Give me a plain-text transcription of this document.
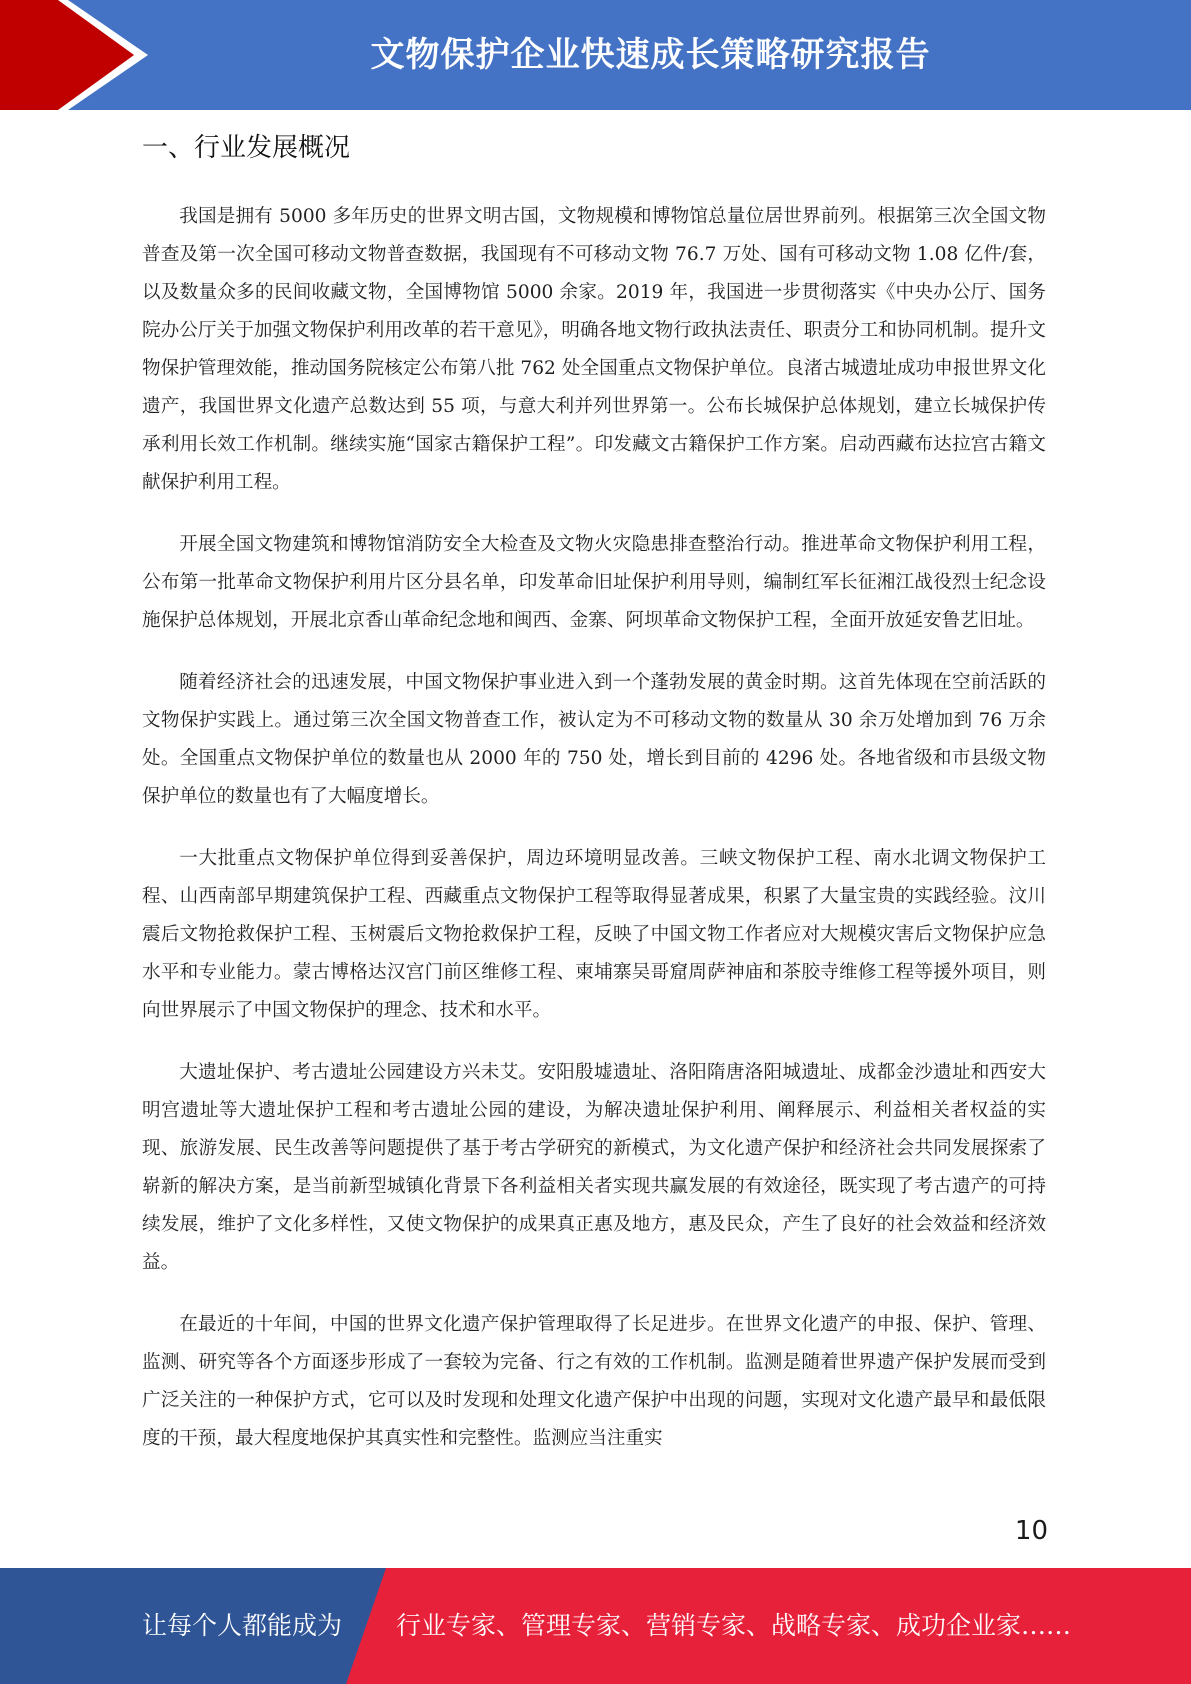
文物保护企业快速成长策略研究报告
一、行业发展概况

我国是拥有 5000 多年历史的世界文明古国，文物规模和博物馆总量位居世界前列。根据第三次全国文物普查及第一次全国可移动文物普查数据，我国现有不可移动文物 76.7 万处、国有可移动文物 1.08 亿件/套，以及数量众多的民间收藏文物，全国博物馆 5000 余家。2019 年，我国进一步贯彻落实《中央办公厅、国务院办公厅关于加强文物保护利用改革的若干意见》，明确各地文物行政执法责任、职责分工和协同机制。提升文物保护管理效能，推动国务院核定公布第八批 762 处全国重点文物保护单位。良渚古城遗址成功申报世界文化遗产，我国世界文化遗产总数达到 55 项，与意大利并列世界第一。公布长城保护总体规划，建立长城保护传承利用长效工作机制。继续实施“国家古籍保护工程”。印发藏文古籍保护工作方案。启动西藏布达拉宫古籍文献保护利用工程。

开展全国文物建筑和博物馆消防安全大检查及文物火灾隐患排查整治行动。推进革命文物保护利用工程，公布第一批革命文物保护利用片区分县名单，印发革命旧址保护利用导则，编制红军长征湘江战役烈士纪念设施保护总体规划，开展北京香山革命纪念地和闽西、金寨、阿坝革命文物保护工程，全面开放延安鲁艺旧址。

随着经济社会的迅速发展，中国文物保护事业进入到一个蓬勃发展的黄金时期。这首先体现在空前活跃的文物保护实践上。通过第三次全国文物普查工作，被认定为不可移动文物的数量从 30 余万处增加到 76 万余处。全国重点文物保护单位的数量也从 2000 年的 750 处，增长到目前的 4296 处。各地省级和市县级文物保护单位的数量也有了大幅度增长。

一大批重点文物保护单位得到妥善保护，周边环境明显改善。三峡文物保护工程、南水北调文物保护工程、山西南部早期建筑保护工程、西藏重点文物保护工程等取得显著成果，积累了大量宝贵的实践经验。汶川震后文物抢救保护工程、玉树震后文物抢救保护工程，反映了中国文物工作者应对大规模灾害后文物保护应急水平和专业能力。蒙古博格达汉宫门前区维修工程、柬埔寨吴哥窟周萨神庙和茶胶寺维修工程等援外项目，则向世界展示了中国文物保护的理念、技术和水平。

大遗址保护、考古遗址公园建设方兴未艾。安阳殷墟遗址、洛阳隋唐洛阳城遗址、成都金沙遗址和西安大明宫遗址等大遗址保护工程和考古遗址公园的建设，为解决遗址保护利用、阐释展示、利益相关者权益的实现、旅游发展、民生改善等问题提供了基于考古学研究的新模式，为文化遗产保护和经济社会共同发展探索了崭新的解决方案，是当前新型城镇化背景下各利益相关者实现共赢发展的有效途径，既实现了考古遗产的可持续发展，维护了文化多样性，又使文物保护的成果真正惠及地方，惠及民众，产生了良好的社会效益和经济效益。

在最近的十年间，中国的世界文化遗产保护管理取得了长足进步。在世界文化遗产的申报、保护、管理、监测、研究等各个方面逐步形成了一套较为完备、行之有效的工作机制。监测是随着世界遗产保护发展而受到广泛关注的一种保护方式，它可以及时发现和处理文化遗产保护中出现的问题，实现对文化遗产最早和最低限度的干预，最大程度地保护其真实性和完整性。监测应当注重实

10
让每个人都能成为 行业专家、管理专家、营销专家、战略专家、成功企业家……
